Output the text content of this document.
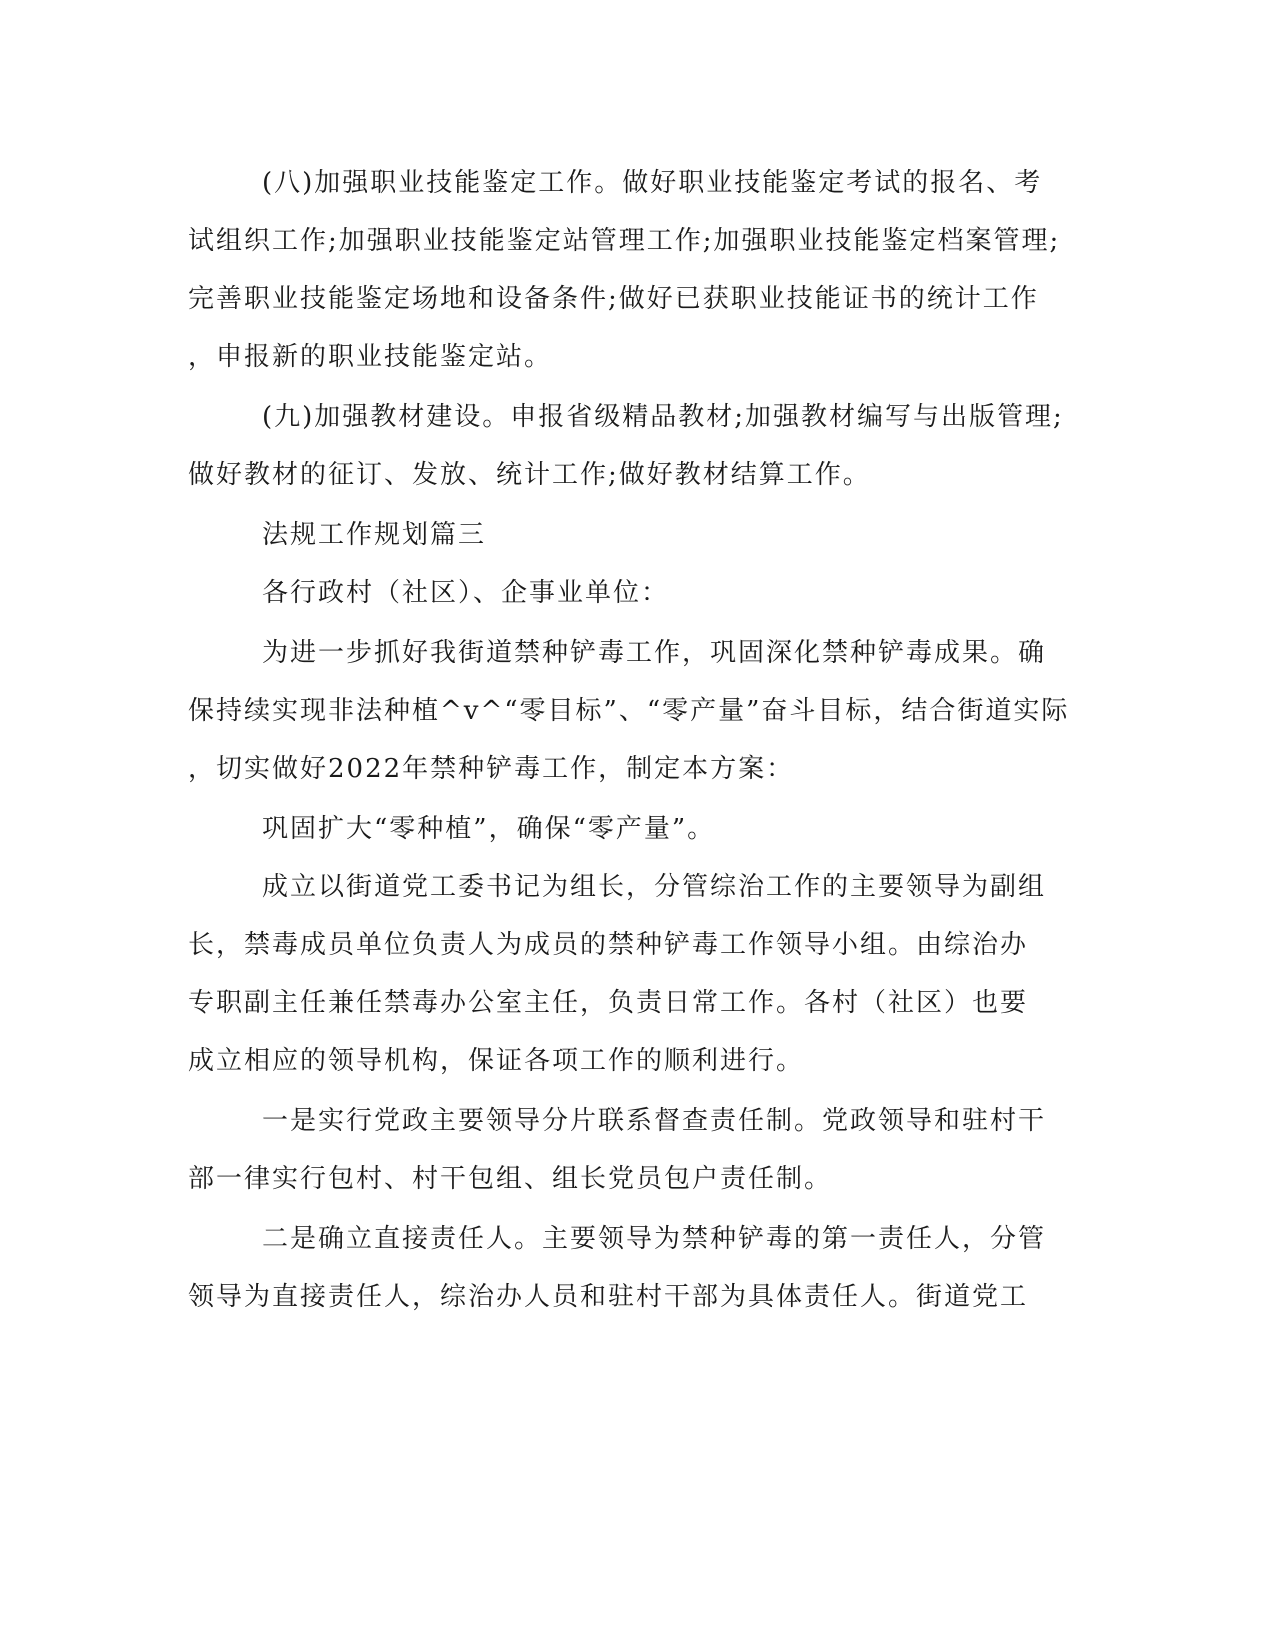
(八)加强职业技能鉴定工作。做好职业技能鉴定考试的报名、考

试组织工作;加强职业技能鉴定站管理工作;加强职业技能鉴定档案管理;

完善职业技能鉴定场地和设备条件;做好已获职业技能证书的统计工作

，申报新的职业技能鉴定站。

(九)加强教材建设。申报省级精品教材;加强教材编写与出版管理;

做好教材的征订、发放、统计工作;做好教材结算工作。

法规工作规划篇三

各行政村（社区）、企事业单位：

为进一步抓好我街道禁种铲毒工作，巩固深化禁种铲毒成果。确

保持续实现非法种植^v^“零目标”、“零产量”奋斗目标，结合街道实际

，切实做好2022年禁种铲毒工作，制定本方案：

巩固扩大“零种植”，确保“零产量”。

成立以街道党工委书记为组长，分管综治工作的主要领导为副组

长，禁毒成员单位负责人为成员的禁种铲毒工作领导小组。由综治办

专职副主任兼任禁毒办公室主任，负责日常工作。各村（社区）也要

成立相应的领导机构，保证各项工作的顺利进行。

一是实行党政主要领导分片联系督查责任制。党政领导和驻村干

部一律实行包村、村干包组、组长党员包户责任制。

二是确立直接责任人。主要领导为禁种铲毒的第一责任人，分管

领导为直接责任人，综治办人员和驻村干部为具体责任人。街道党工
